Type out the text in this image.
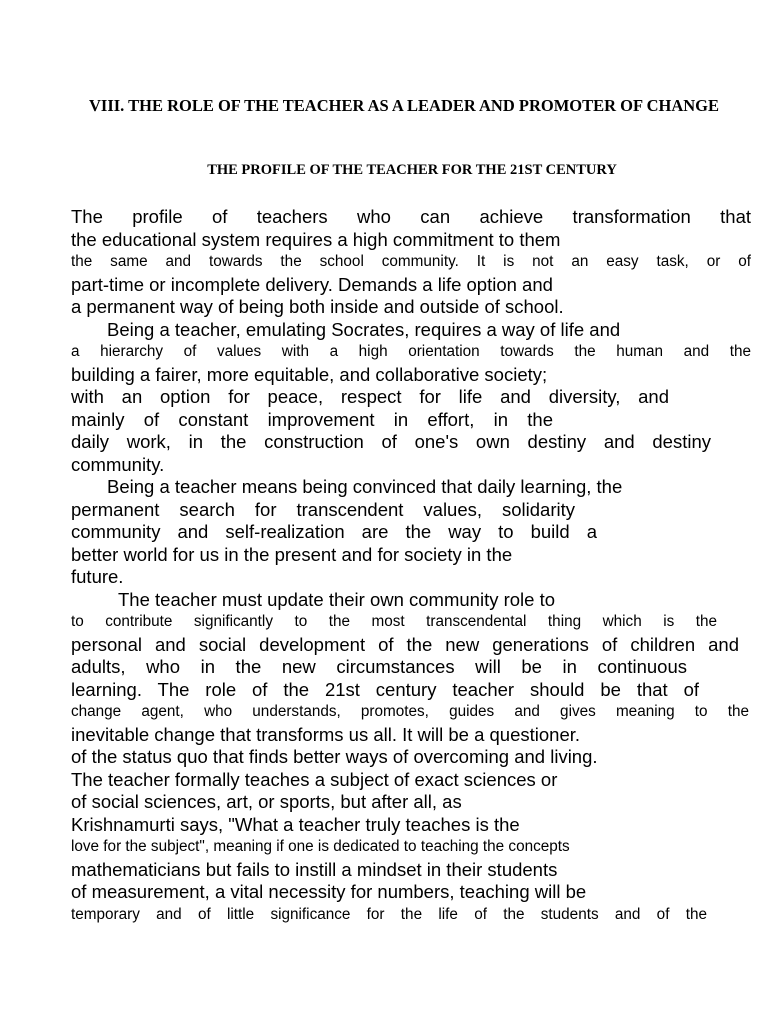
VIII. THE ROLE OF THE TEACHER AS A LEADER AND PROMOTER OF CHANGE
THE PROFILE OF THE TEACHER FOR THE 21ST CENTURY
The profile of teachers who can achieve transformation that
the educational system requires a high commitment to them
the same and towards the school community. It is not an easy task, or of
part-time or incomplete delivery. Demands a life option and
a permanent way of being both inside and outside of school.
Being a teacher, emulating Socrates, requires a way of life and
a hierarchy of values with a high orientation towards the human and the
building a fairer, more equitable, and collaborative society;
with an option for peace, respect for life and diversity, and
mainly of constant improvement in effort, in the
daily work, in the construction of one's own destiny and destiny
community.
Being a teacher means being convinced that daily learning, the
permanent search for transcendent values, solidarity
community and self-realization are the way to build a
better world for us in the present and for society in the
future.
The teacher must update their own community role to
to contribute significantly to the most transcendental thing which is the
personal and social development of the new generations of children and
adults, who in the new circumstances will be in continuous
learning. The role of the 21st century teacher should be that of
change agent, who understands, promotes, guides and gives meaning to the
inevitable change that transforms us all. It will be a questioner.
of the status quo that finds better ways of overcoming and living.
The teacher formally teaches a subject of exact sciences or
of social sciences, art, or sports, but after all, as
Krishnamurti says, "What a teacher truly teaches is the
love for the subject", meaning if one is dedicated to teaching the concepts
mathematicians but fails to instill a mindset in their students
of measurement, a vital necessity for numbers, teaching will be
temporary and of little significance for the life of the students and of the
